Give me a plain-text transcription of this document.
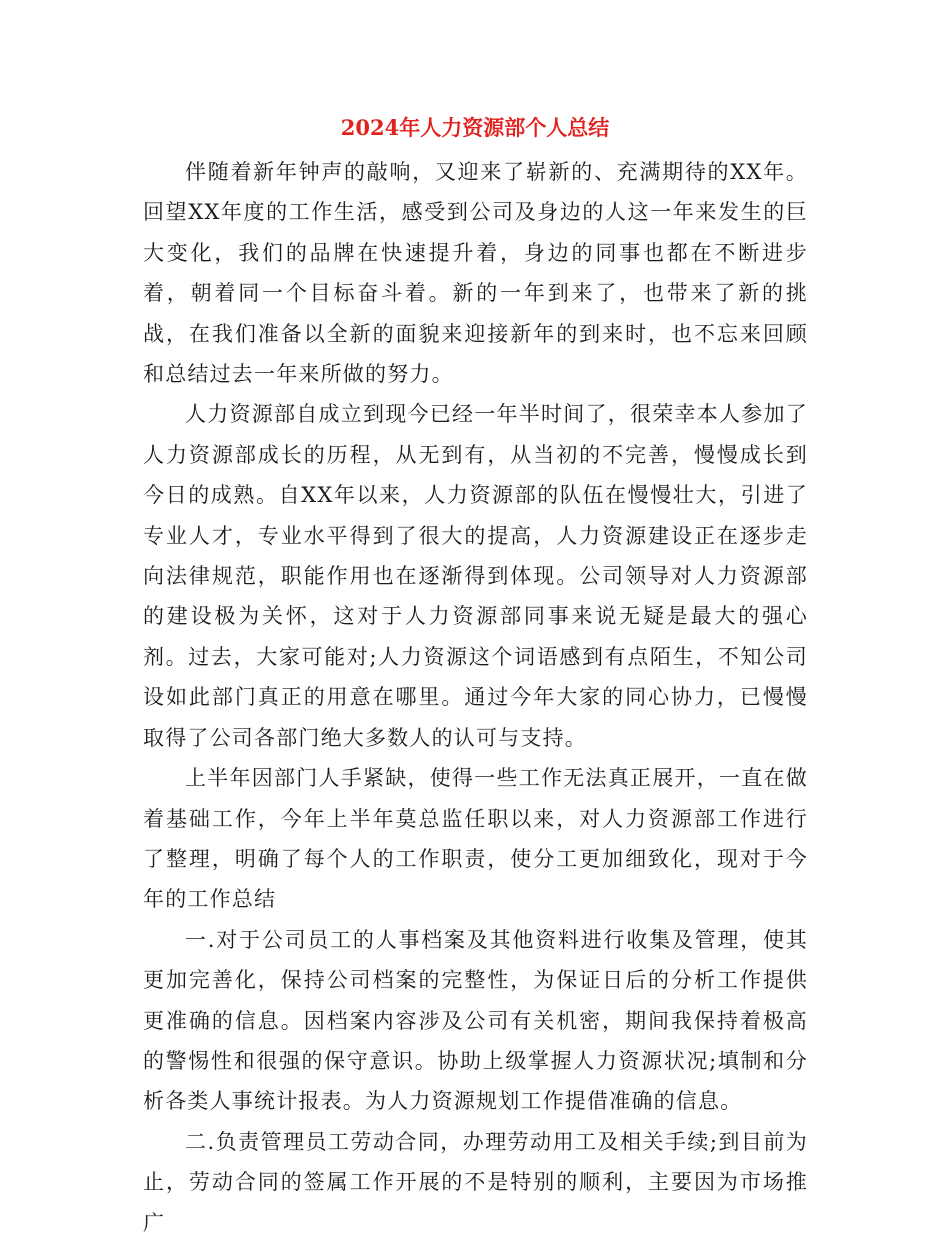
2024年人力资源部个人总结

伴随着新年钟声的敲响，又迎来了崭新的、充满期待的XX年。回望XX年度的工作生活，感受到公司及身边的人这一年来发生的巨大变化，我们的品牌在快速提升着，身边的同事也都在不断进步着，朝着同一个目标奋斗着。新的一年到来了，也带来了新的挑战，在我们准备以全新的面貌来迎接新年的到来时，也不忘来回顾和总结过去一年来所做的努力。

人力资源部自成立到现今已经一年半时间了，很荣幸本人参加了人力资源部成长的历程，从无到有，从当初的不完善，慢慢成长到今日的成熟。自XX年以来，人力资源部的队伍在慢慢壮大，引进了专业人才，专业水平得到了很大的提高，人力资源建设正在逐步走向法律规范，职能作用也在逐渐得到体现。公司领导对人力资源部的建设极为关怀，这对于人力资源部同事来说无疑是最大的强心剂。过去，大家可能对;人力资源这个词语感到有点陌生，不知公司设如此部门真正的用意在哪里。通过今年大家的同心协力，已慢慢取得了公司各部门绝大多数人的认可与支持。

上半年因部门人手紧缺，使得一些工作无法真正展开，一直在做着基础工作，今年上半年莫总监任职以来，对人力资源部工作进行了整理，明确了每个人的工作职责，使分工更加细致化，现对于今年的工作总结

一.对于公司员工的人事档案及其他资料进行收集及管理，使其更加完善化，保持公司档案的完整性，为保证日后的分析工作提供更准确的信息。因档案内容涉及公司有关机密，期间我保持着极高的警惕性和很强的保守意识。协助上级掌握人力资源状况;填制和分析各类人事统计报表。为人力资源规划工作提借准确的信息。

二.负责管理员工劳动合同，办理劳动用工及相关手续;到目前为止，劳动合同的签属工作开展的不是特别的顺利，主要因为市场推广
